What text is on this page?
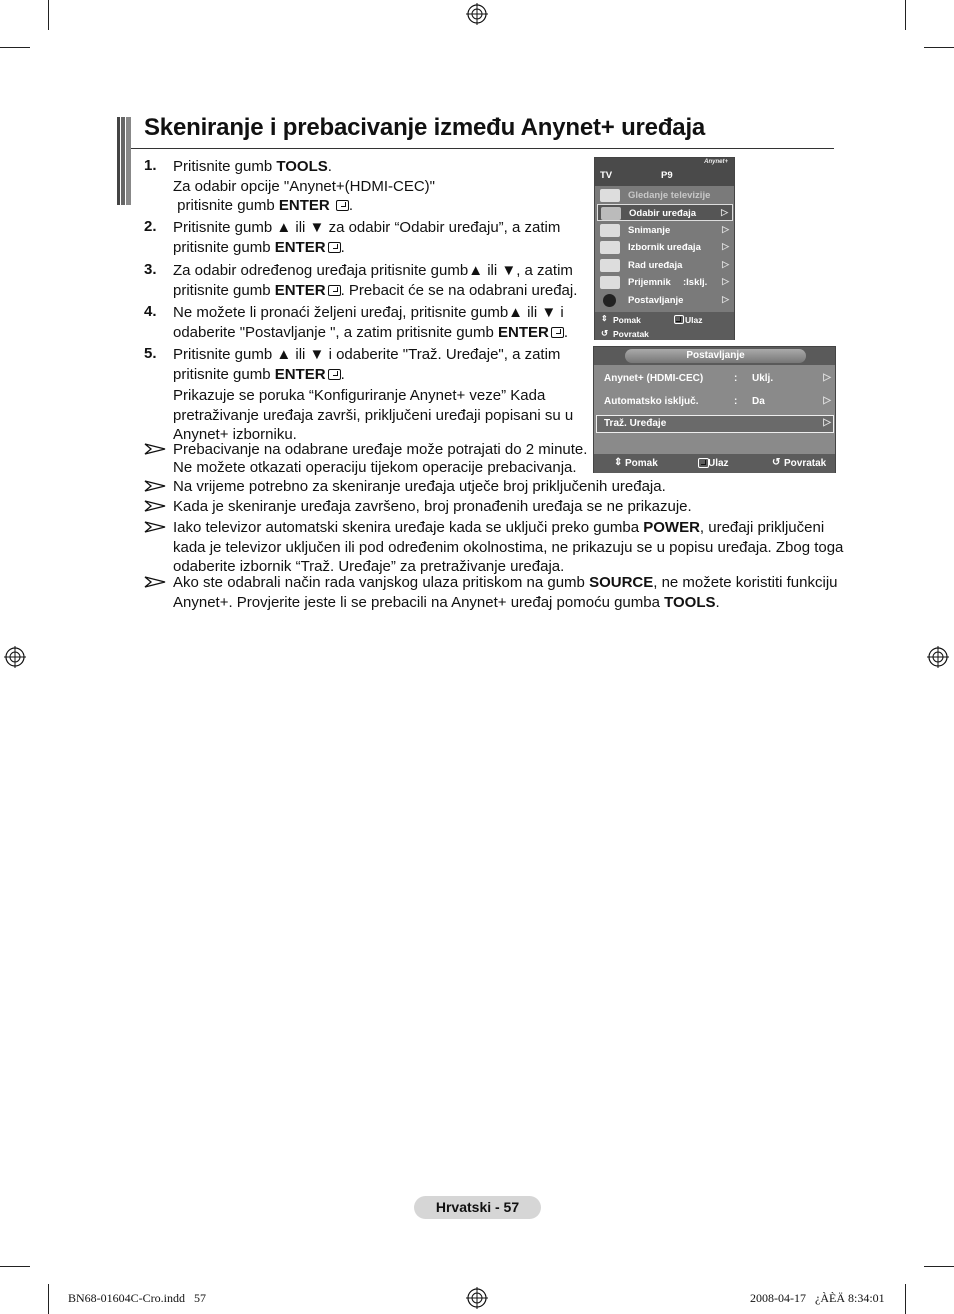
Skeniranje i prebacivanje između Anynet+ uređaja
1. Pritisnite gumb TOOLS.
Za odabir opcije "Anynet+(HDMI-CEC)"
pritisnite gumb ENTER .
2. Pritisnite gumb ▲ ili ▼ za odabir “Odabir uređaju”, a zatim
pritisnite gumb ENTER .
3. Za odabir određenog uređaja pritisnite gumb▲ ili ▼, a zatim
pritisnite gumb ENTER . Prebacit će se na odabrani uređaj.
4. Ne možete li pronaći željeni uređaj, pritisnite gumb▲ ili ▼ i
odaberite "Postavljanje ", a zatim pritisnite gumb ENTER .
5. Pritisnite gumb ▲ ili ▼ i odaberite "Traž. Uređaje", a zatim
pritisnite gumb ENTER .
Prikazuje se poruka “Konfiguriranje Anynet+ veze” Kada
pretraživanje uređaja završi, priključeni uređaji popisani su u
Anynet+ izborniku.
Prebacivanje na odabrane uređaje može potrajati do 2 minute.
Ne možete otkazati operaciju tijekom operacije prebacivanja.
Na vrijeme potrebno za skeniranje uređaja utječe broj priključenih uređaja.
Kada je skeniranje uređaja završeno, broj pronađenih uređaja se ne prikazuje.
Iako televizor automatski skenira uređaje kada se uključi preko gumba POWER, uređaji priključeni
kada je televizor uključen ili pod određenim okolnostima, ne prikazuju se u popisu uređaja. Zbog toga
odaberite izbornik “Traž. Uređaje” za pretraživanje uređaja.
Ako ste odabrali način rada vanjskog ulaza pritiskom na gumb SOURCE, ne možete koristiti funkciju
Anynet+. Provjerite jeste li se prebacili na Anynet+ uređaj pomoću gumba TOOLS.
Anynet+
TV	P9
Gledanje televizije
Odabir uređaja	▷
Snimanje	▷
Izbornik uređaja ▷
Rad uređaja	▷
Prijemnik :Isklj. ▷
Postavljanje	▷
⇕ Pomak	Ulaz
↺ Povratak
Postavljanje
Anynet+ (HDMI-CEC)	: Uklj.	▷
Automatsko isključ.	: Da	▷
Traž. Uređaje	▷
⇕ Pomak	Ulaz	↺ Povratak
Hrvatski - 57
BN68-01604C-Cro.indd   57	2008-04-17   ¿ÀÈÄ 8:34:01
